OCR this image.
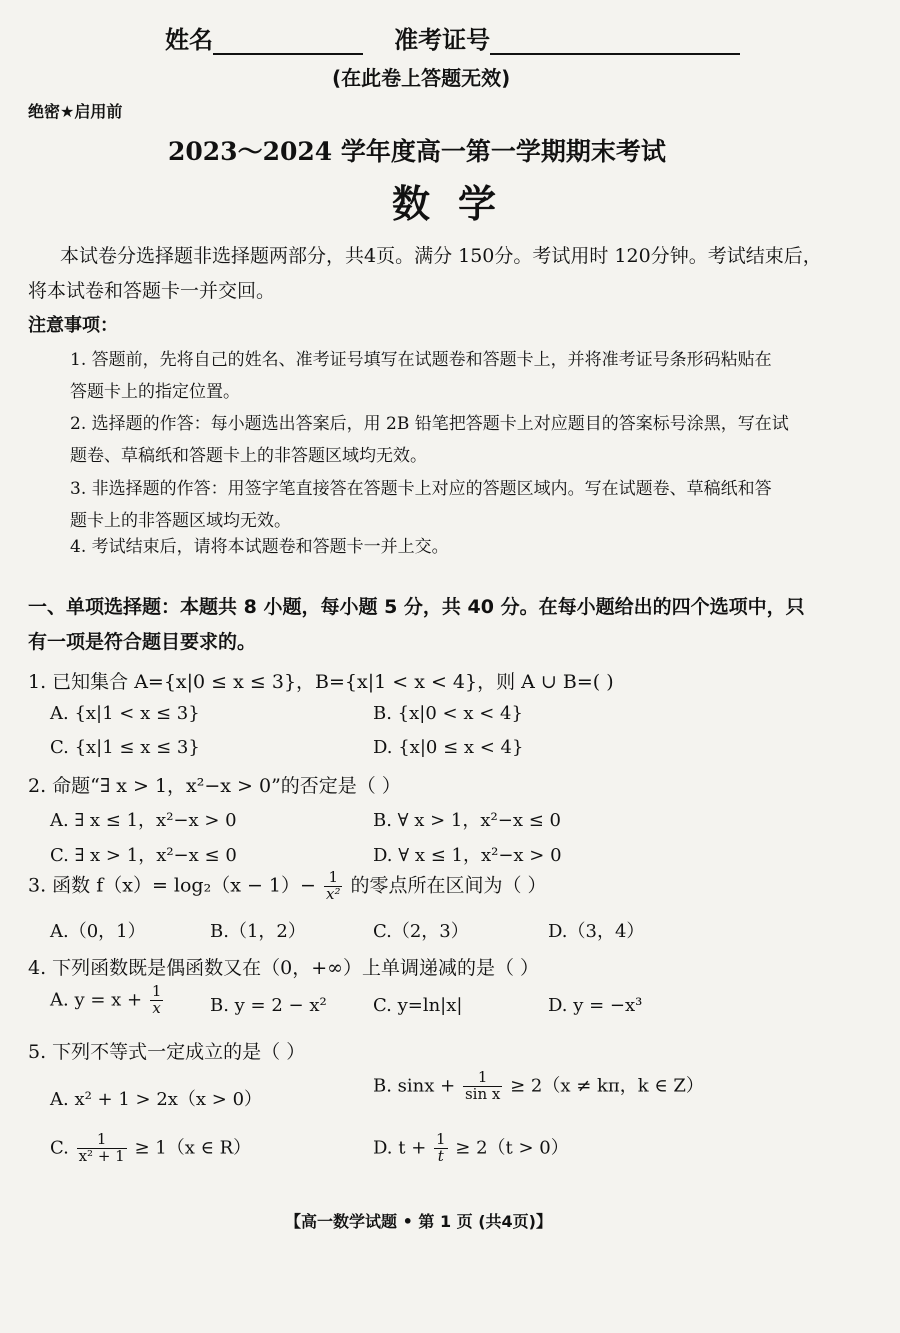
姓名	准考证号
(在此卷上答题无效)
绝密★启用前
2023～2024 学年度高一第一学期期末考试
数学
本试卷分选择题非选择题两部分，共4页。满分 150分。考试用时 120分钟。考试结束后，
将本试卷和答题卡一并交回。
注意事项：
1. 答题前，先将自己的姓名、准考证号填写在试题卷和答题卡上，并将准考证号条形码粘贴在
答题卡上的指定位置。
2. 选择题的作答：每小题选出答案后，用 2B 铅笔把答题卡上对应题目的答案标号涂黑，写在试
题卷、草稿纸和答题卡上的非答题区域均无效。
3. 非选择题的作答：用签字笔直接答在答题卡上对应的答题区域内。写在试题卷、草稿纸和答
题卡上的非答题区域均无效。
4. 考试结束后，请将本试题卷和答题卡一并上交。
一、单项选择题：本题共 8 小题，每小题 5 分，共 40 分。在每小题给出的四个选项中，只
有一项是符合题目要求的。
1. 已知集合 A={x|0 ≤ x ≤ 3}，B={x|1 < x < 4}，则 A ∪ B=( )
A. {x|1 < x ≤ 3}	B. {x|0 < x < 4}
C. {x|1 ≤ x ≤ 3}	D. {x|0 ≤ x < 4}
2. 命题“∃ x > 1，x²−x > 0”的否定是（ ）
A. ∃ x ≤ 1，x²−x > 0	B. ∀ x > 1，x²−x ≤ 0
C. ∃ x > 1，x²−x ≤ 0	D. ∀ x ≤ 1，x²−x > 0
3. 函数 $f(x)= \log_2(x - 1)- \frac{1}{\text{x²}}$ 的零点所在区间为（ ）
A.（0，1）	B.（1，2）	C.（2，3）	D.（3，4）
4. 下列函数既是偶函数又在（0，+∞）上单调递减的是（ ）
A. $y = x + \frac{1}{x}$	B. y = 2 − x²	C. y=ln|x|	D. y = −x³
5. 下列不等式一定成立的是（ ）
A. x² + 1 > 2x（x > 0）
B. $\sin x + \frac{1}{\text{sin x}} \ge 2(x \ne k\pi$，k ∈ Z）
C. $\frac{1}{\text{x² + 1}} \ge 1(x$ ∈ R）	D. $t + \frac{1}{t} \ge 2(t > 0)$
【高一数学试题 • 第 1 页 (共4页)】
